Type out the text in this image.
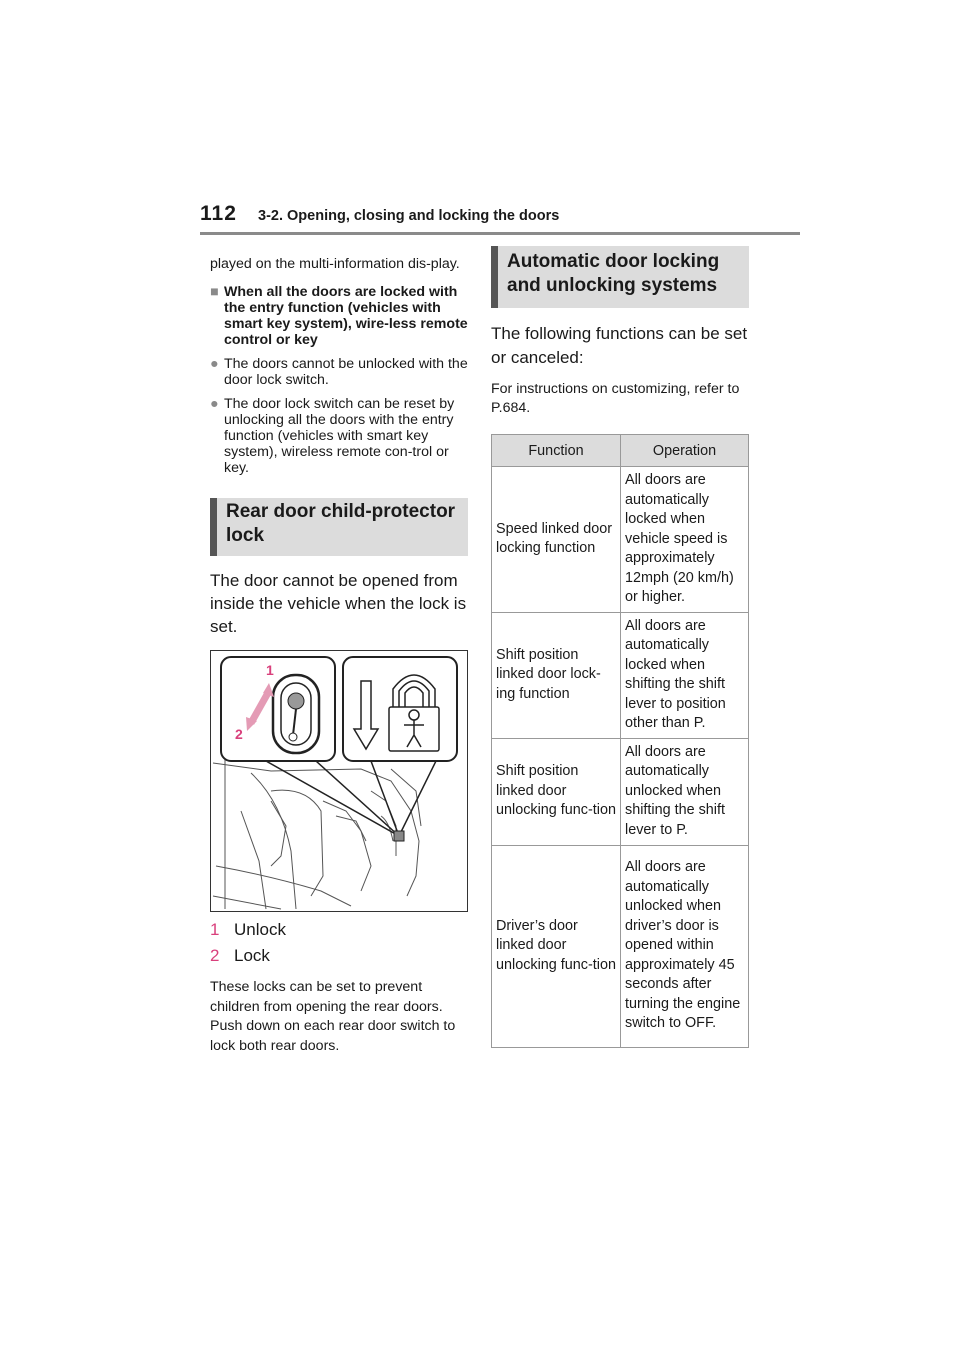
112 3-2. Opening, closing and locking the doors
played on the multi-information dis-play.
■ When all the doors are locked with the entry function (vehicles with smart key system), wire-less remote control or key
● The doors cannot be unlocked with the door lock switch.
● The door lock switch can be reset by unlocking all the doors with the entry function (vehicles with smart key system), wireless remote con-trol or key.
Rear door child-protector lock
The door cannot be opened from inside the vehicle when the lock is set.
1
2
1 Unlock
2 Lock
These locks can be set to prevent children from opening the rear doors. Push down on each rear door switch to lock both rear doors.
Automatic door locking and unlocking systems
The following functions can be set or canceled:
For instructions on customizing, refer to P.684.
Function	Operation
Speed linked door locking function	All doors are automatically locked when vehicle speed is approximately 12mph (20 km/h) or higher.
Shift position linked door lock-ing function	All doors are automatically locked when shifting the shift lever to position other than P.
Shift position linked door unlocking func-tion	All doors are automatically unlocked when shifting the shift lever to P.
Driver’s door linked door unlocking func-tion	All doors are automatically unlocked when driver’s door is opened within approximately 45 seconds after turning the engine switch to OFF.
